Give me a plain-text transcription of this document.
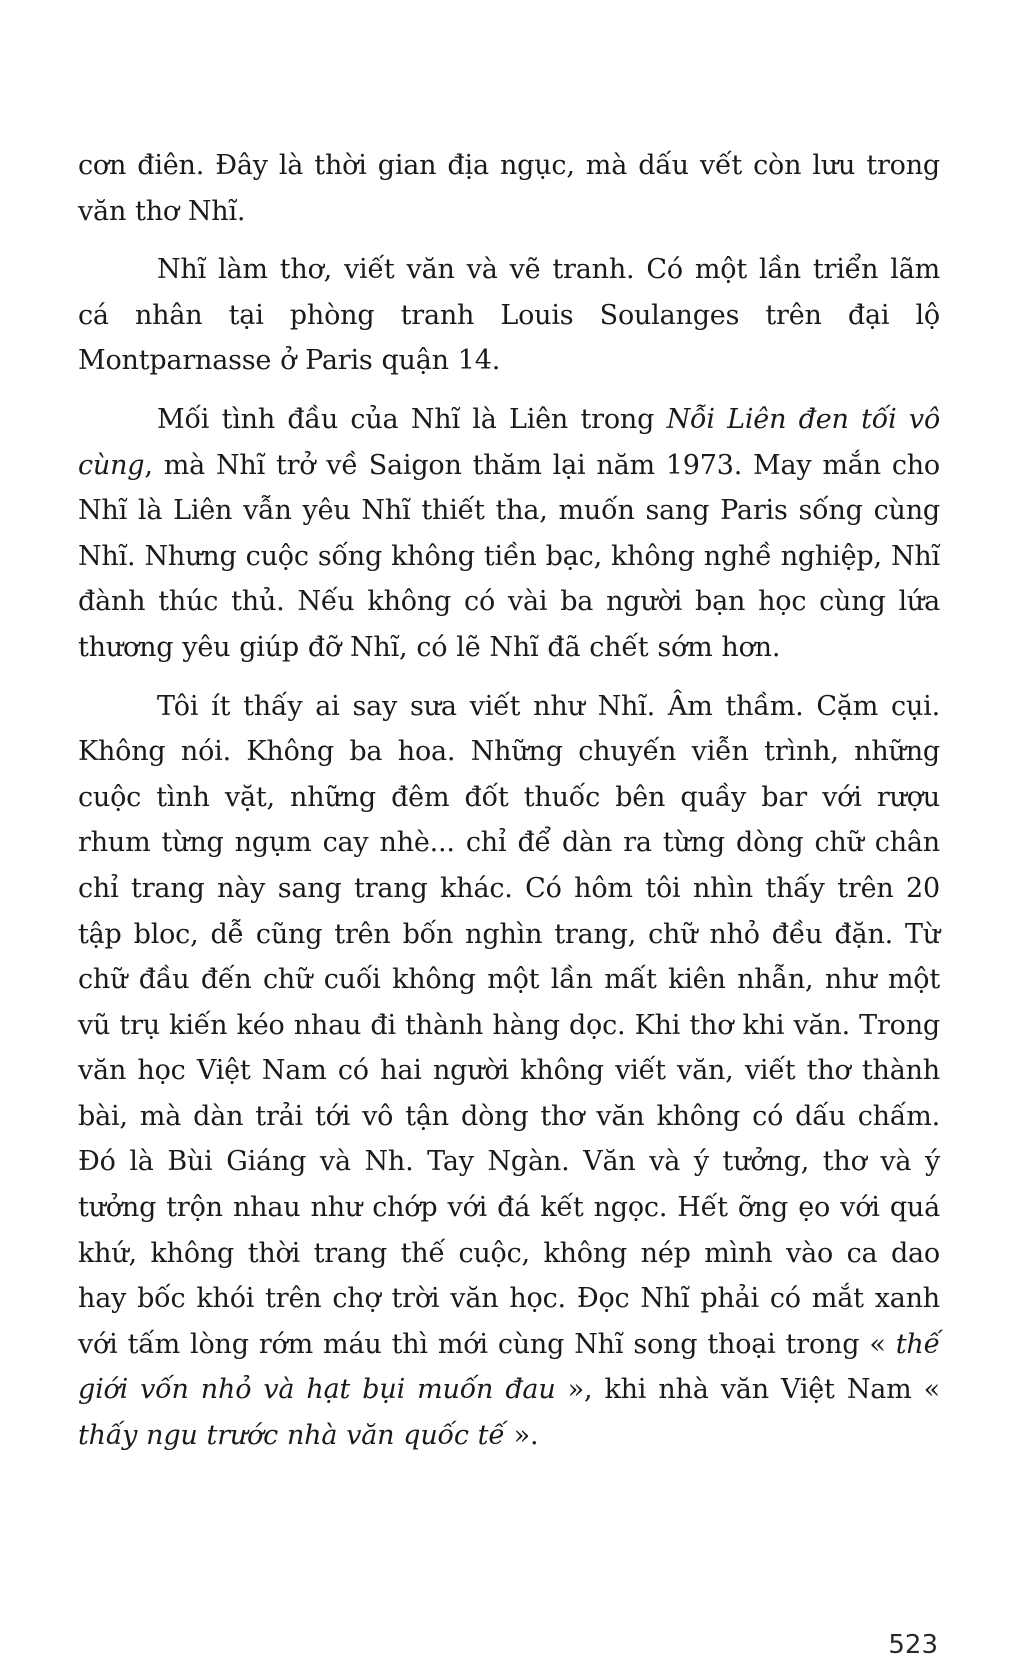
cơn điên. Đây là thời gian địa ngục, mà dấu vết còn lưu trong văn thơ Nhĩ.

Nhĩ làm thơ, viết văn và vẽ tranh. Có một lần triển lãm cá nhân tại phòng tranh Louis Soulanges trên đại lộ Montparnasse ở Paris quận 14.

Mối tình đầu của Nhĩ là Liên trong Nỗi Liên đen tối vô cùng, mà Nhĩ trở về Saigon thăm lại năm 1973. May mắn cho Nhĩ là Liên vẫn yêu Nhĩ thiết tha, muốn sang Paris sống cùng Nhĩ. Nhưng cuộc sống không tiền bạc, không nghề nghiệp, Nhĩ đành thúc thủ. Nếu không có vài ba người bạn học cùng lứa thương yêu giúp đỡ Nhĩ, có lẽ Nhĩ đã chết sớm hơn.

Tôi ít thấy ai say sưa viết như Nhĩ. Âm thầm. Cặm cụi. Không nói. Không ba hoa. Những chuyến viễn trình, những cuộc tình vặt, những đêm đốt thuốc bên quầy bar với rượu rhum từng ngụm cay nhè... chỉ để dàn ra từng dòng chữ chân chỉ trang này sang trang khác. Có hôm tôi nhìn thấy trên 20 tập bloc, dễ cũng trên bốn nghìn trang, chữ nhỏ đều đặn. Từ chữ đầu đến chữ cuối không một lần mất kiên nhẫn, như một vũ trụ kiến kéo nhau đi thành hàng dọc. Khi thơ khi văn. Trong văn học Việt Nam có hai người không viết văn, viết thơ thành bài, mà dàn trải tới vô tận dòng thơ văn không có dấu chấm. Đó là Bùi Giáng và Nh. Tay Ngàn. Văn và ý tưởng, thơ và ý tưởng trộn nhau như chớp với đá kết ngọc. Hết ỡng ẹo với quá khứ, không thời trang thế cuộc, không nép mình vào ca dao hay bốc khói trên chợ trời văn học. Đọc Nhĩ phải có mắt xanh với tấm lòng rớm máu thì mới cùng Nhĩ song thoại trong « thế giới vốn nhỏ và hạt bụi muốn đau », khi nhà văn Việt Nam « thấy ngu trước nhà văn quốc tế ».

523
